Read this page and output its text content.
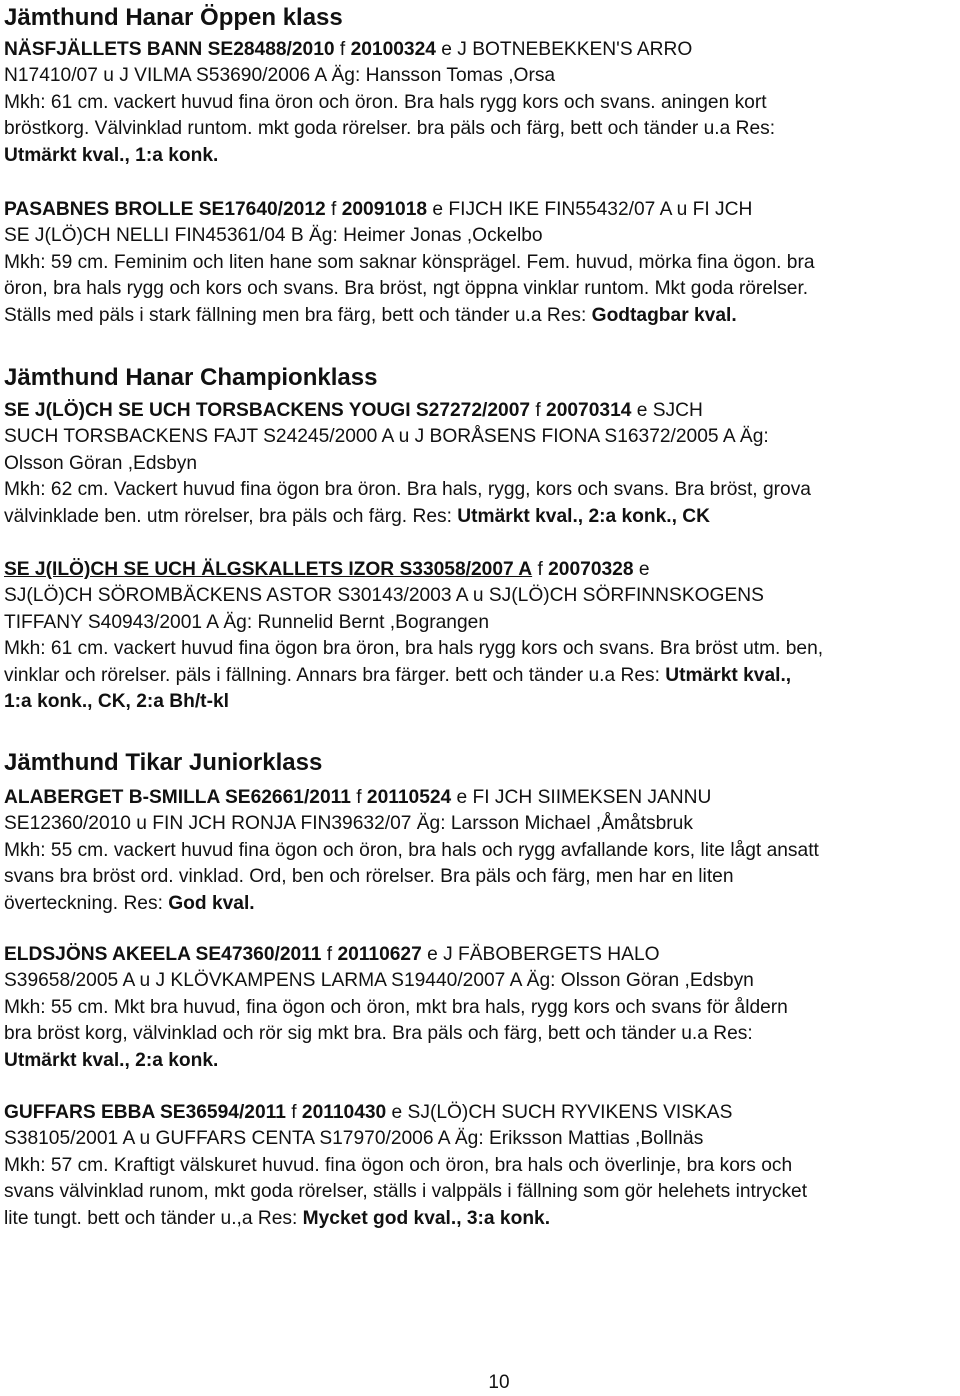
Jämthund Hanar Öppen klass
NÄSFJÄLLETS BANN SE28488/2010 f 20100324 e J BOTNEBEKKEN'S ARRO
N17410/07 u J VILMA S53690/2006 A Äg: Hansson Tomas ,Orsa
Mkh: 61 cm. vackert huvud fina öron och öron. Bra hals rygg kors och svans. aningen kort
bröstkorg. Välvinklad runtom. mkt goda rörelser. bra päls och färg, bett och tänder u.a Res:
Utmärkt kval., 1:a konk.
PASABNES BROLLE SE17640/2012 f 20091018 e FIJCH IKE FIN55432/07 A u FI JCH
SE J(LÖ)CH NELLI FIN45361/04 B Äg: Heimer Jonas ,Ockelbo
Mkh: 59 cm. Feminim och liten hane som saknar könsprägel. Fem. huvud, mörka fina ögon. bra
öron, bra hals rygg och kors och svans. Bra bröst, ngt öppna vinklar runtom. Mkt goda rörelser.
Ställs med päls i stark fällning men bra färg, bett och tänder u.a Res: Godtagbar kval.
Jämthund Hanar Championklass
SE J(LÖ)CH SE UCH TORSBACKENS YOUGI S27272/2007 f 20070314 e SJCH
SUCH TORSBACKENS FAJT S24245/2000 A u J BORÅSENS FIONA S16372/2005 A Äg:
Olsson Göran ,Edsbyn
Mkh: 62 cm. Vackert huvud fina ögon bra öron. Bra hals, rygg, kors och svans. Bra bröst, grova
välvinklade ben. utm rörelser, bra päls och färg. Res: Utmärkt kval., 2:a konk., CK
SE J(ILÖ)CH SE UCH ÄLGSKALLETS IZOR S33058/2007 A f 20070328 e
SJ(LÖ)CH SÖROMBÄCKENS ASTOR S30143/2003 A u SJ(LÖ)CH SÖRFINNSKOGENS
TIFFANY S40943/2001 A Äg: Runnelid Bernt ,Bograngen
Mkh: 61 cm. vackert huvud fina ögon bra öron, bra hals rygg kors och svans. Bra bröst utm. ben,
vinklar och rörelser. päls i fällning. Annars bra färger. bett och tänder u.a Res: Utmärkt kval.,
1:a konk., CK, 2:a Bh/t-kl
Jämthund Tikar Juniorklass
ALABERGET B-SMILLA SE62661/2011 f 20110524 e FI JCH SIIMEKSEN JANNU
SE12360/2010 u FIN JCH RONJA FIN39632/07 Äg: Larsson Michael ,Åmåtsbruk
Mkh: 55 cm. vackert huvud fina ögon och öron, bra hals och rygg avfallande kors, lite lågt ansatt
svans bra bröst ord. vinklad. Ord, ben och rörelser. Bra päls och färg, men har en liten
överteckning. Res: God kval.
ELDSJÖNS AKEELA SE47360/2011 f 20110627 e J FÄBOBERGETS HALO
S39658/2005 A u J KLÖVKAMPENS LARMA S19440/2007 A Äg: Olsson Göran ,Edsbyn
Mkh: 55 cm. Mkt bra huvud, fina ögon och öron, mkt bra hals, rygg kors och svans för åldern
bra bröst korg, välvinklad och rör sig mkt bra. Bra päls och färg, bett och tänder u.a Res:
Utmärkt kval., 2:a konk.
GUFFARS EBBA SE36594/2011 f 20110430 e SJ(LÖ)CH SUCH RYVIKENS VISKAS
S38105/2001 A u GUFFARS CENTA S17970/2006 A Äg: Eriksson Mattias ,Bollnäs
Mkh: 57 cm. Kraftigt välskuret huvud. fina ögon och öron, bra hals och överlinje, bra kors och
svans välvinklad runom, mkt goda rörelser, ställs i valppäls i fällning som gör helehets intrycket
lite tungt. bett och tänder u.,a Res: Mycket god kval., 3:a konk.
10
